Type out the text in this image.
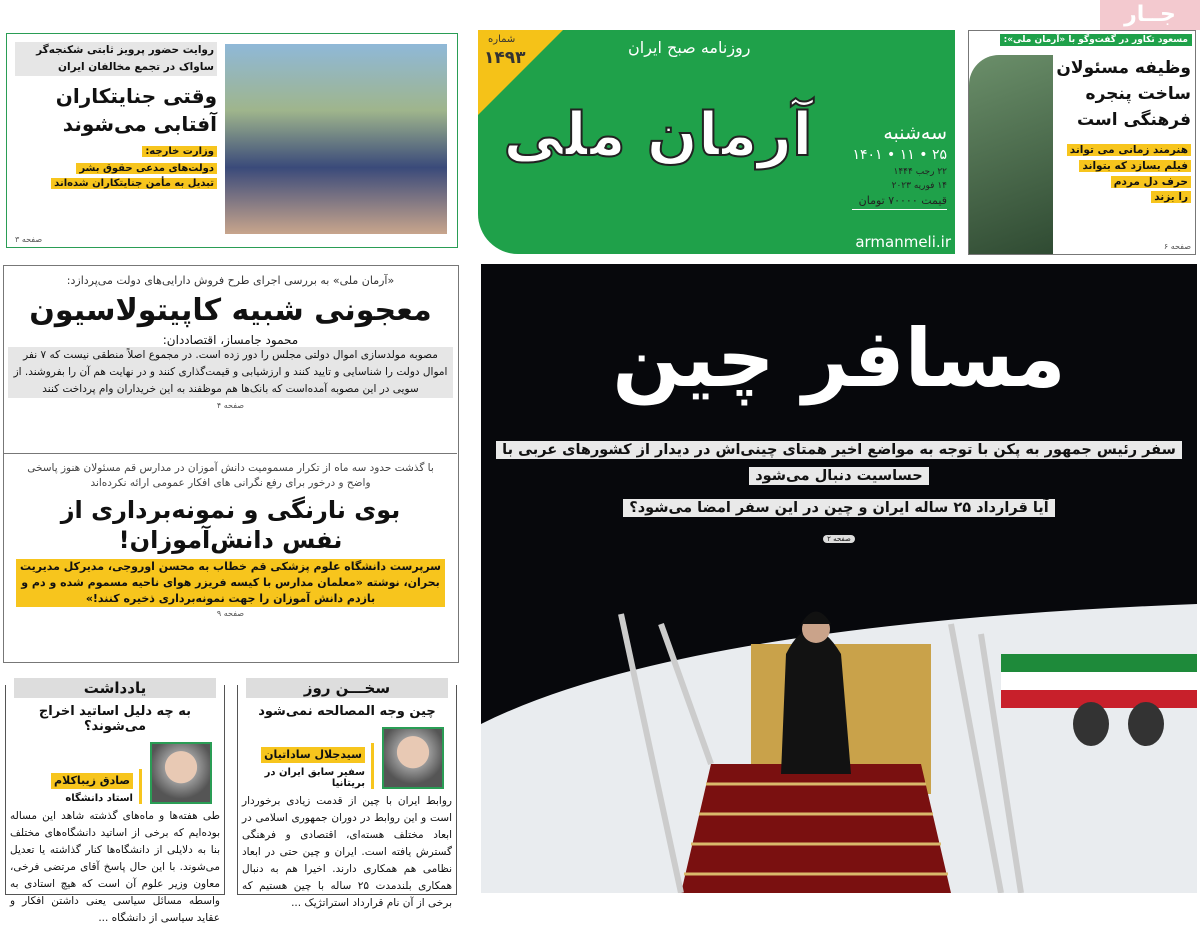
جــار
مسعود تکاور در گفت‌وگو با «آرمان ملی»:
وظیفه مسئولان ساخت پنجره فرهنگی است
هنرمند زمانی می تواند
فیلم بسازد که بتواند
حرف دل مردم
را بزند
صفحه ۶
شماره
۱۴۹۳
روزنامه صبح ایران
آرمان ملی	سه‌شنبه
۲۵ • ۱۱ • ۱۴۰۱
۲۲ رجب ۱۴۴۴
۱۴ فوریه ۲۰۲۳
قیمت ۷۰۰۰۰ تومان
armanmeli.ir
روایت حضور پرویز ثابتی شکنجه‌گر ساواک در تجمع مخالفان ایران
وقتی جنایتکاران آفتابی می‌شوند
وزارت خارجه:
دولت‌های مدعی حقوق بشر
تبدیل به مأمن جنایتکاران شده‌اند
صفحه ۳
«آرمان ملی» به بررسی اجرای طرح فروش دارایی‌های دولت می‌پردازد:
معجونی شبیه کاپیتولاسیون
محمود جامساز، اقتصاددان:
مصوبه مولدسازی اموال دولتی مجلس را دور زده است. در مجموع اصلاً منطقی نیست که ۷ نفر اموال دولت را شناسایی و تایید کنند و ارزشیابی و قیمت‌گذاری کنند و در نهایت هم آن را بفروشند. از سویی در این مصوبه آمده‌است که بانک‌ها هم موظفند به این خریداران وام پرداخت کنند
صفحه ۴
با گذشت حدود سه ماه از تکرار مسمومیت دانش آموزان در مدارس قم مسئولان هنوز پاسخی واضح و درخور برای رفع نگرانی های افکار عمومی ارائه نکرده‌اند
بوی نارنگی و نمونه‌برداری از نفس دانش‌آموزان!
سرپرست دانشگاه علوم پزشکی قم خطاب به محسن اوروجی، مدیرکل مدیریت بحران، نوشته «معلمان مدارس با کیسه فریزر هوای ناحیه مسموم شده و دم و بازدم دانش آموزان را جهت نمونه‌برداری ذخیره کنند!»
صفحه ۹
یادداشت
به چه دلیل اساتید اخراج می‌شوند؟
صادق زیباکلام
استاد دانشگاه
طی هفته‌ها و ماه‌های گذشته شاهد این مساله بوده‌ایم که برخی از اساتید دانشگاه‌های مختلف بنا به دلایلی از دانشگاه‌ها کنار گذاشته یا تعدیل می‌شوند. با این حال پاسخ آقای مرتضی فرخی، معاون وزیر علوم آن است که هیچ استادی به واسطه مسائل سیاسی یعنی داشتن افکار و عقاید سیاسی از دانشگاه ...
سخـــن روز
چین وجه المصالحه نمی‌شود
سیدجلال ساداتیان
سفیر سابق ایران در بریتانیا
روابط ایران با چین از قدمت زیادی برخوردار است و این روابط در دوران جمهوری اسلامی در ابعاد مختلف هسته‌ای، اقتصادی و فرهنگی گسترش یافته است. ایران و چین حتی در ابعاد نظامی هم همکاری دارند. اخیرا هم به دنبال همکاری بلندمدت ۲۵ ساله با چین هستیم که برخی از آن نام قرارداد استراتژیک ...
مسافر چین
سفر رئیس جمهور به پکن با توجه به مواضع اخیر همتای چینی‌اش در دیدار از کشورهای عربی با حساسیت دنبال می‌شود
آیا قرارداد ۲۵ ساله ایران و چین در این سفر امضا می‌شود؟
صفحه ۲
